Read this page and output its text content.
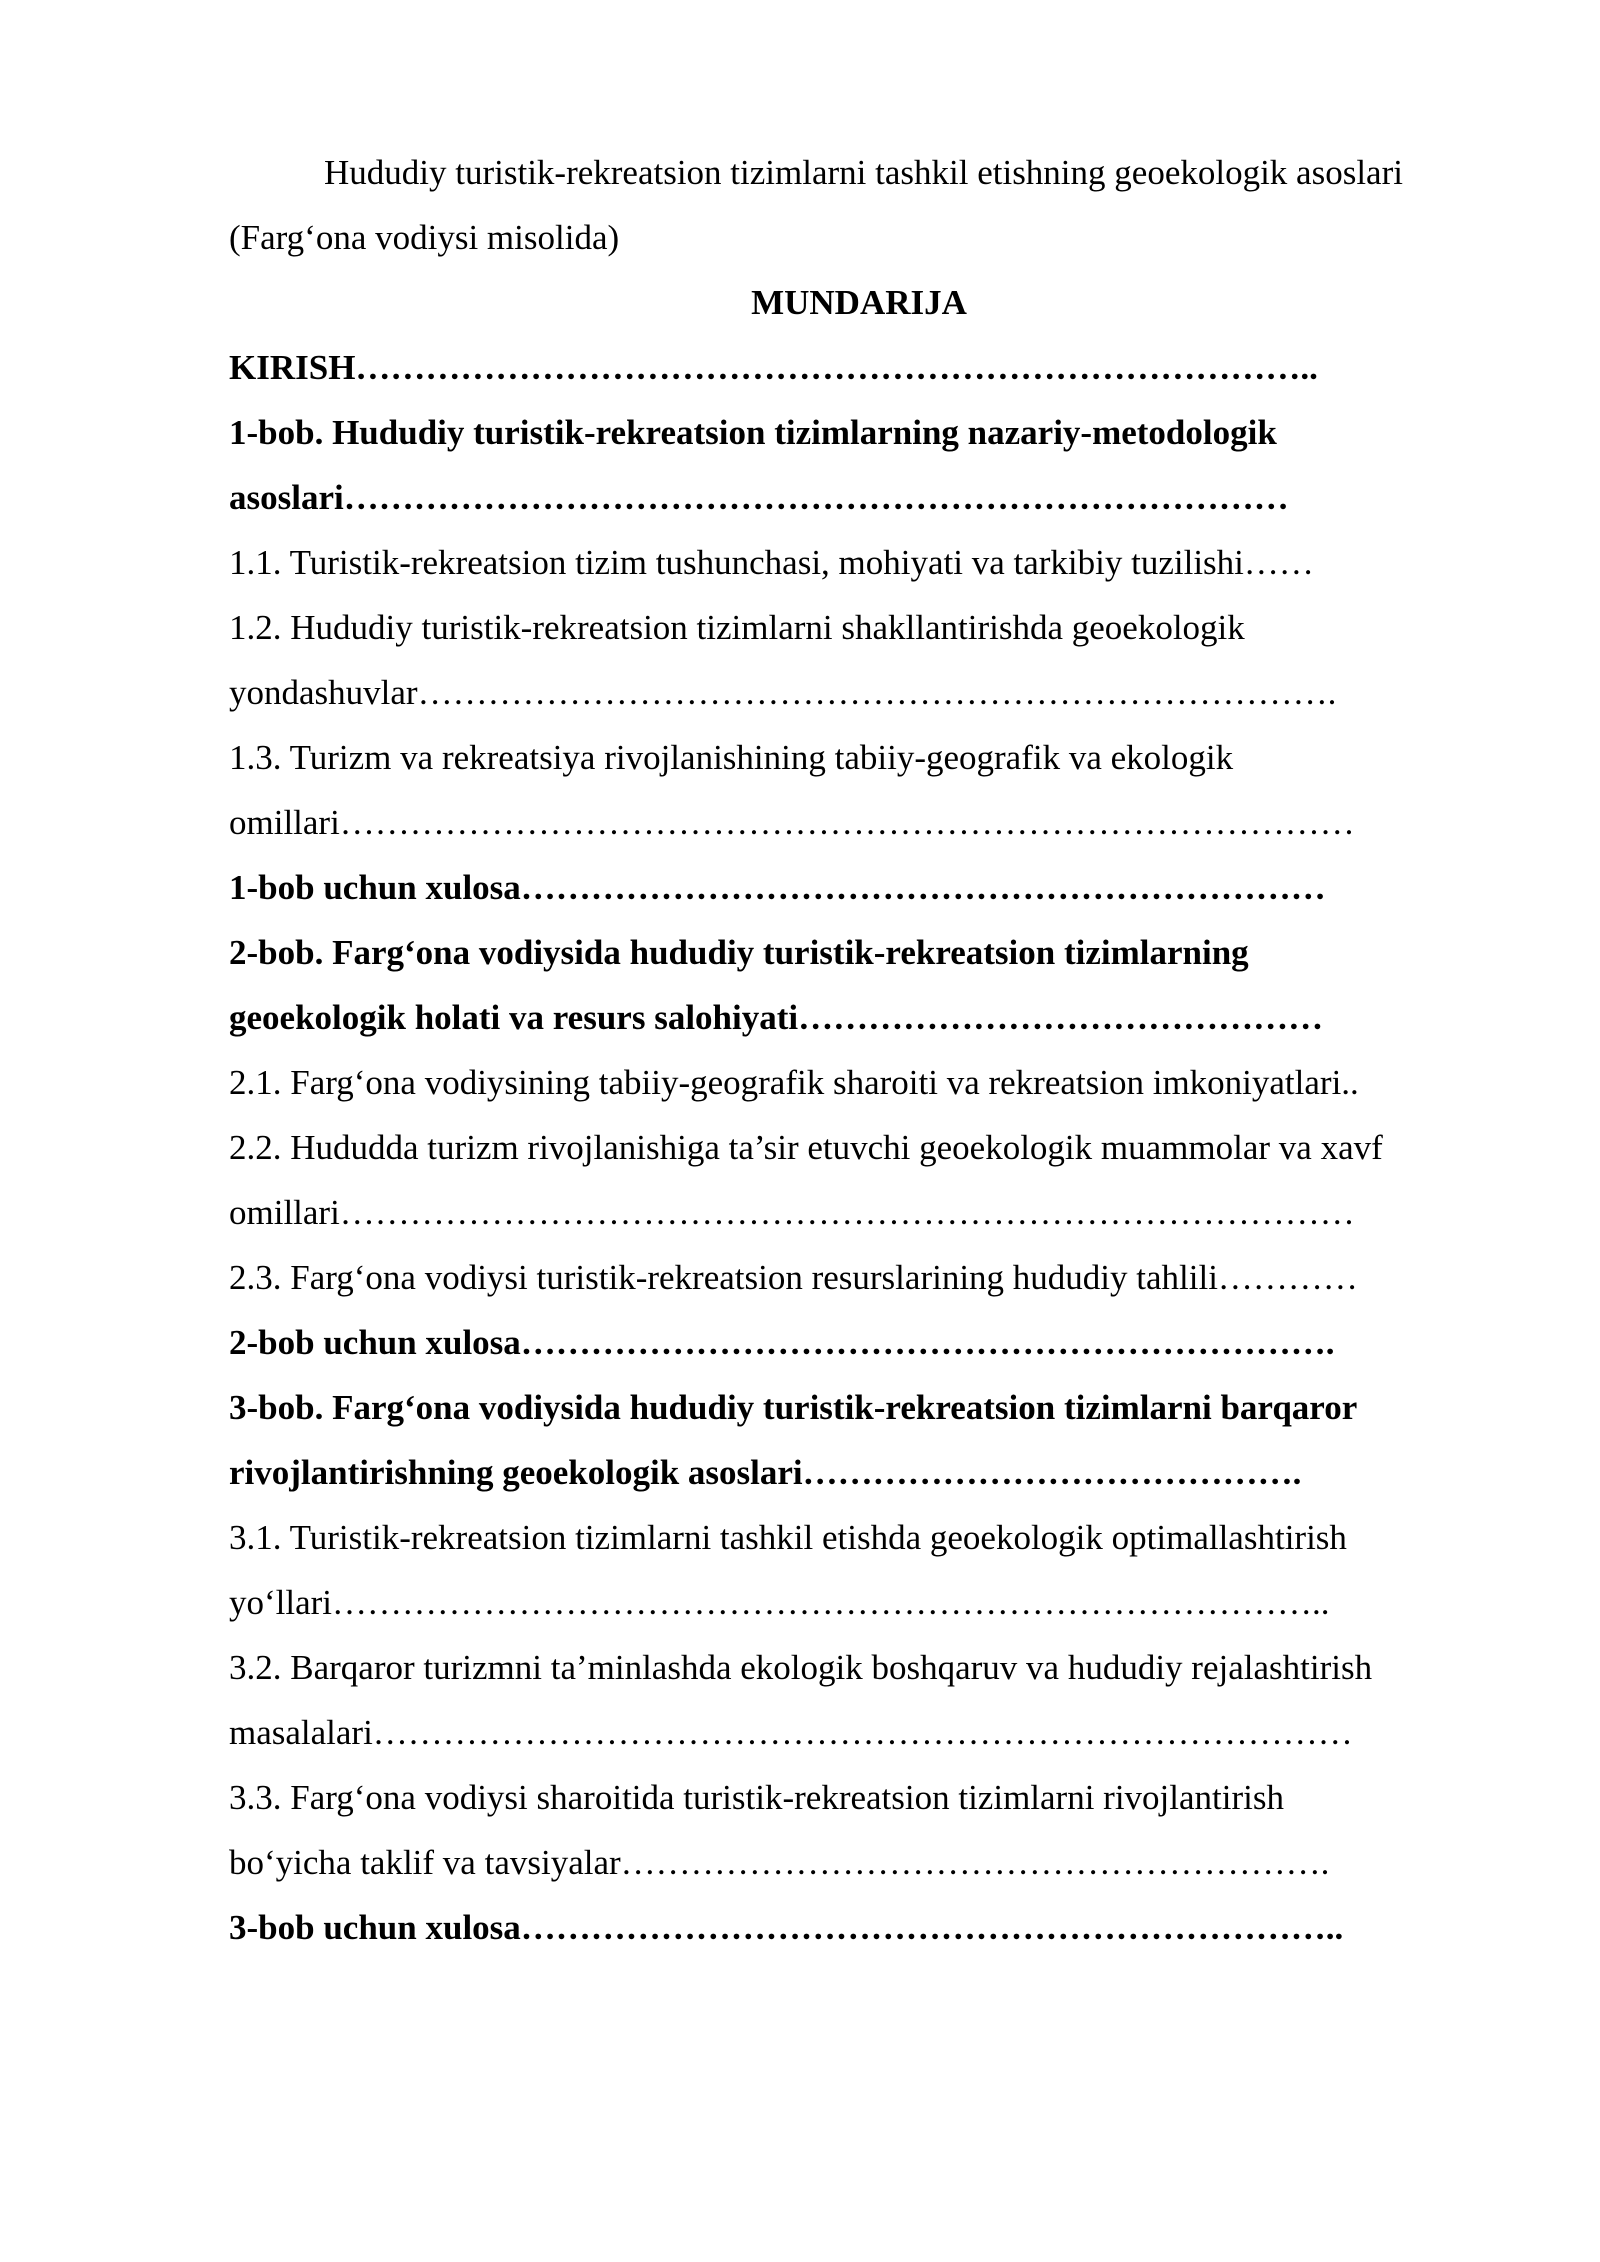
Hududiy turistik-rekreatsion tizimlarni tashkil etishning geoekologik asoslari (Farg‘ona vodiysi misolida)

MUNDARIJA

KIRISH………………………………………………………………………..
1-bob. Hududiy turistik-rekreatsion tizimlarning nazariy-metodologik
asoslari………………………………………………………………………
1.1. Turistik-rekreatsion tizim tushunchasi, mohiyati va tarkibiy tuzilishi……
1.2. Hududiy turistik-rekreatsion tizimlarni shakllantirishda geoekologik
yondashuvlar…………………………………………………………………….
1.3. Turizm va rekreatsiya rivojlanishining tabiiy-geografik va ekologik
omillari……………………………………………………………………………
1-bob uchun xulosa……………………………………………………………
2-bob. Farg‘ona vodiysida hududiy turistik-rekreatsion tizimlarning
geoekologik holati va resurs salohiyati………………………………………
2.1. Farg‘ona vodiysining tabiiy-geografik sharoiti va rekreatsion imkoniyatlari..
2.2. Hududda turizm rivojlanishiga ta’sir etuvchi geoekologik muammolar va xavf
omillari……………………………………………………………………………
2.3. Farg‘ona vodiysi turistik-rekreatsion resurslarining hududiy tahlili…………
2-bob uchun xulosa…………………………………………………………….
3-bob. Farg‘ona vodiysida hududiy turistik-rekreatsion tizimlarni barqaror
rivojlantirishning geoekologik asoslari…………………………………….
3.1. Turistik-rekreatsion tizimlarni tashkil etishda geoekologik optimallashtirish
yo‘llari…………………………………………………………………………..
3.2. Barqaror turizmni ta’minlashda ekologik boshqaruv va hududiy rejalashtirish
masalalari…………………………………………………………………………
3.3. Farg‘ona vodiysi sharoitida turistik-rekreatsion tizimlarni rivojlantirish
bo‘yicha taklif va tavsiyalar…………………………………………………….
3-bob uchun xulosa……………………………………………………………..
